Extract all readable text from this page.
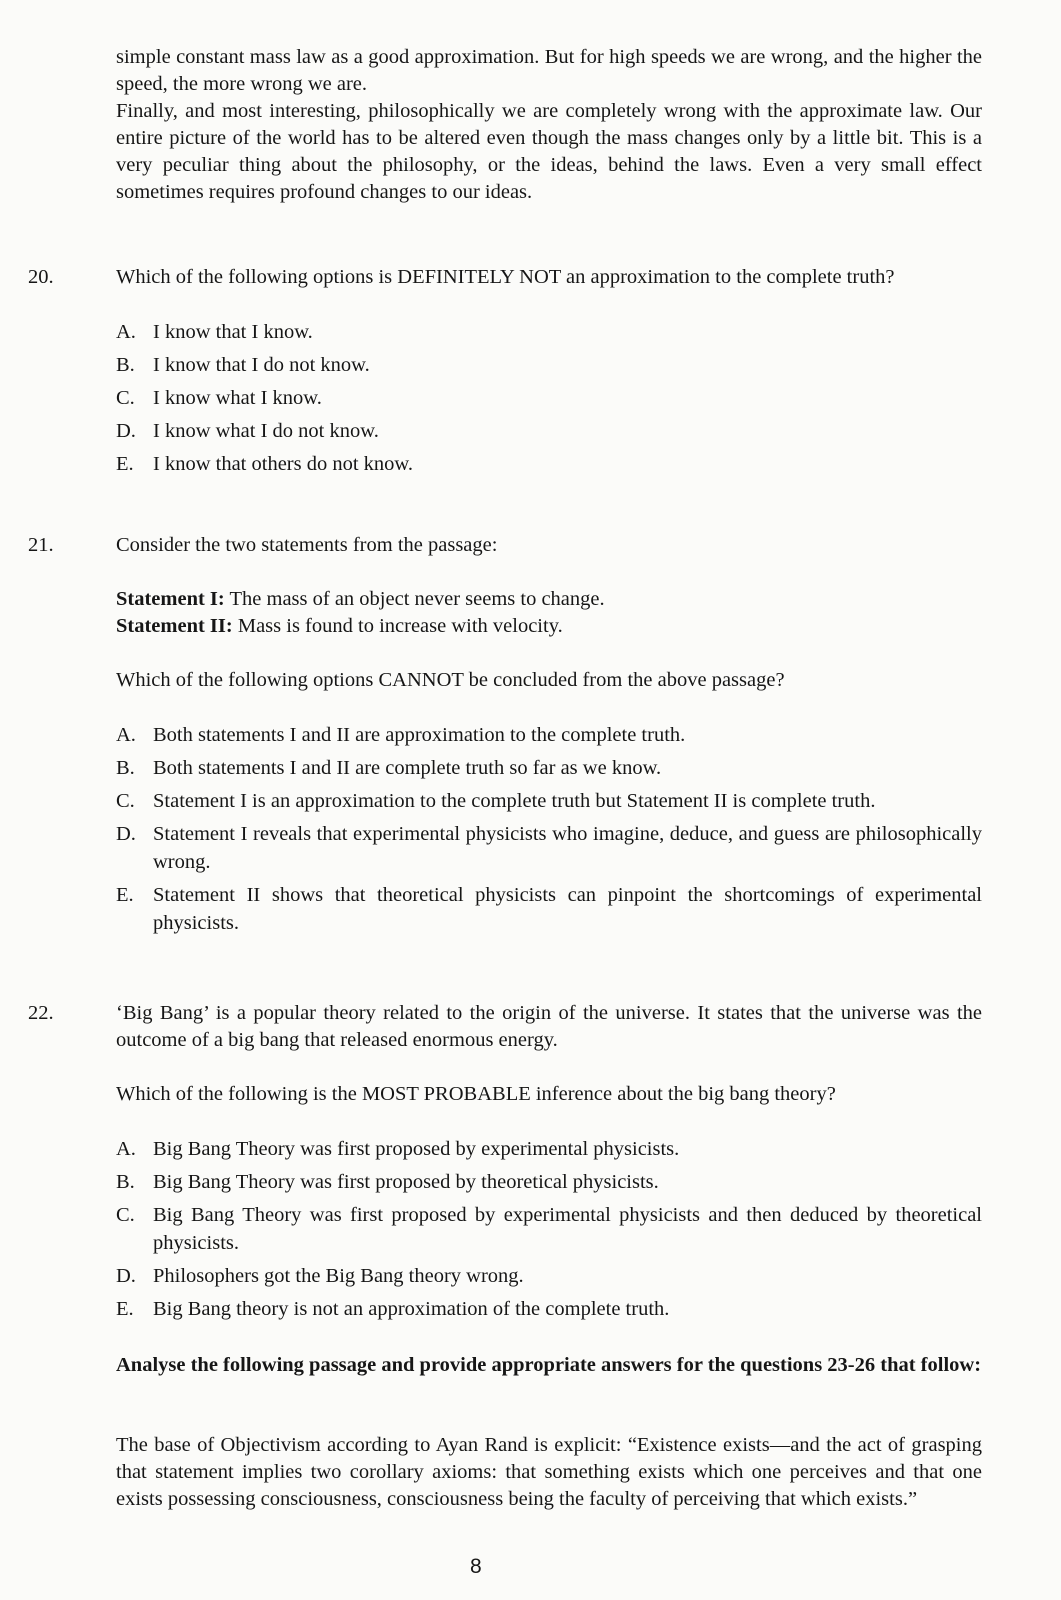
simple constant mass law as a good approximation. But for high speeds we are wrong, and the higher the speed, the more wrong we are.

Finally, and most interesting, philosophically we are completely wrong with the approximate law. Our entire picture of the world has to be altered even though the mass changes only by a little bit. This is a very peculiar thing about the philosophy, or the ideas, behind the laws. Even a very small effect sometimes requires profound changes to our ideas.

20.	Which of the following options is DEFINITELY NOT an approximation to the complete truth?

A. I know that I know.
B. I know that I do not know.
C. I know what I know.
D. I know what I do not know.
E. I know that others do not know.
21.	Consider the two statements from the passage:

Statement I: The mass of an object never seems to change.

Statement II: Mass is found to increase with velocity.

Which of the following options CANNOT be concluded from the above passage?

A. Both statements I and II are approximation to the complete truth.
B. Both statements I and II are complete truth so far as we know.
C. Statement I is an approximation to the complete truth but Statement II is complete truth.
D. Statement I reveals that experimental physicists who imagine, deduce, and guess are philosophically wrong.
E. Statement II shows that theoretical physicists can pinpoint the shortcomings of experimental physicists.
22.	‘Big Bang’ is a popular theory related to the origin of the universe. It states that the universe was the outcome of a big bang that released enormous energy.

Which of the following is the MOST PROBABLE inference about the big bang theory?

A. Big Bang Theory was first proposed by experimental physicists.
B. Big Bang Theory was first proposed by theoretical physicists.
C. Big Bang Theory was first proposed by experimental physicists and then deduced by theoretical physicists.
D. Philosophers got the Big Bang theory wrong.
E. Big Bang theory is not an approximation of the complete truth.

Analyse the following passage and provide appropriate answers for the questions 23-26 that follow:

The base of Objectivism according to Ayan Rand is explicit: “Existence exists—and the act of grasping that statement implies two corollary axioms: that something exists which one perceives and that one exists possessing consciousness, consciousness being the faculty of perceiving that which exists.”

8
